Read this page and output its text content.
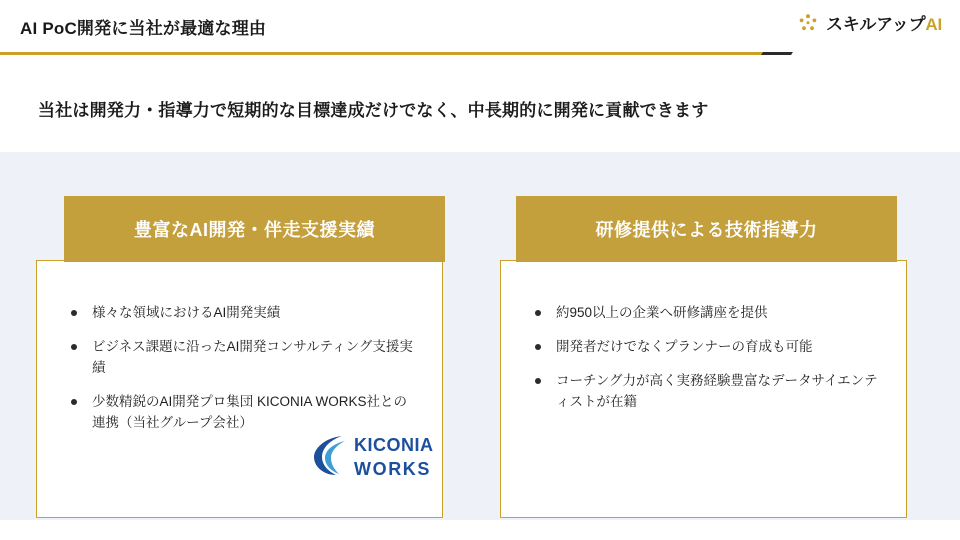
AI PoC開発に当社が最適な理由	スキルアップAI
当社は開発力・指導力で短期的な目標達成だけでなく、中長期的に開発に貢献できます
様々な領域におけるAI開発実績
ビジネス課題に沿ったAI開発コンサルティング支援実績
少数精鋭のAI開発プロ集団 KICONIA WORKS社との連携（当社グループ会社）
KICONIA
WORKS
約950以上の企業へ研修講座を提供
開発者だけでなくプランナーの育成も可能
コーチング力が高く実務経験豊富なデータサイエンティストが在籍
豊富なAI開発・伴走支援実績	研修提供による技術指導力
